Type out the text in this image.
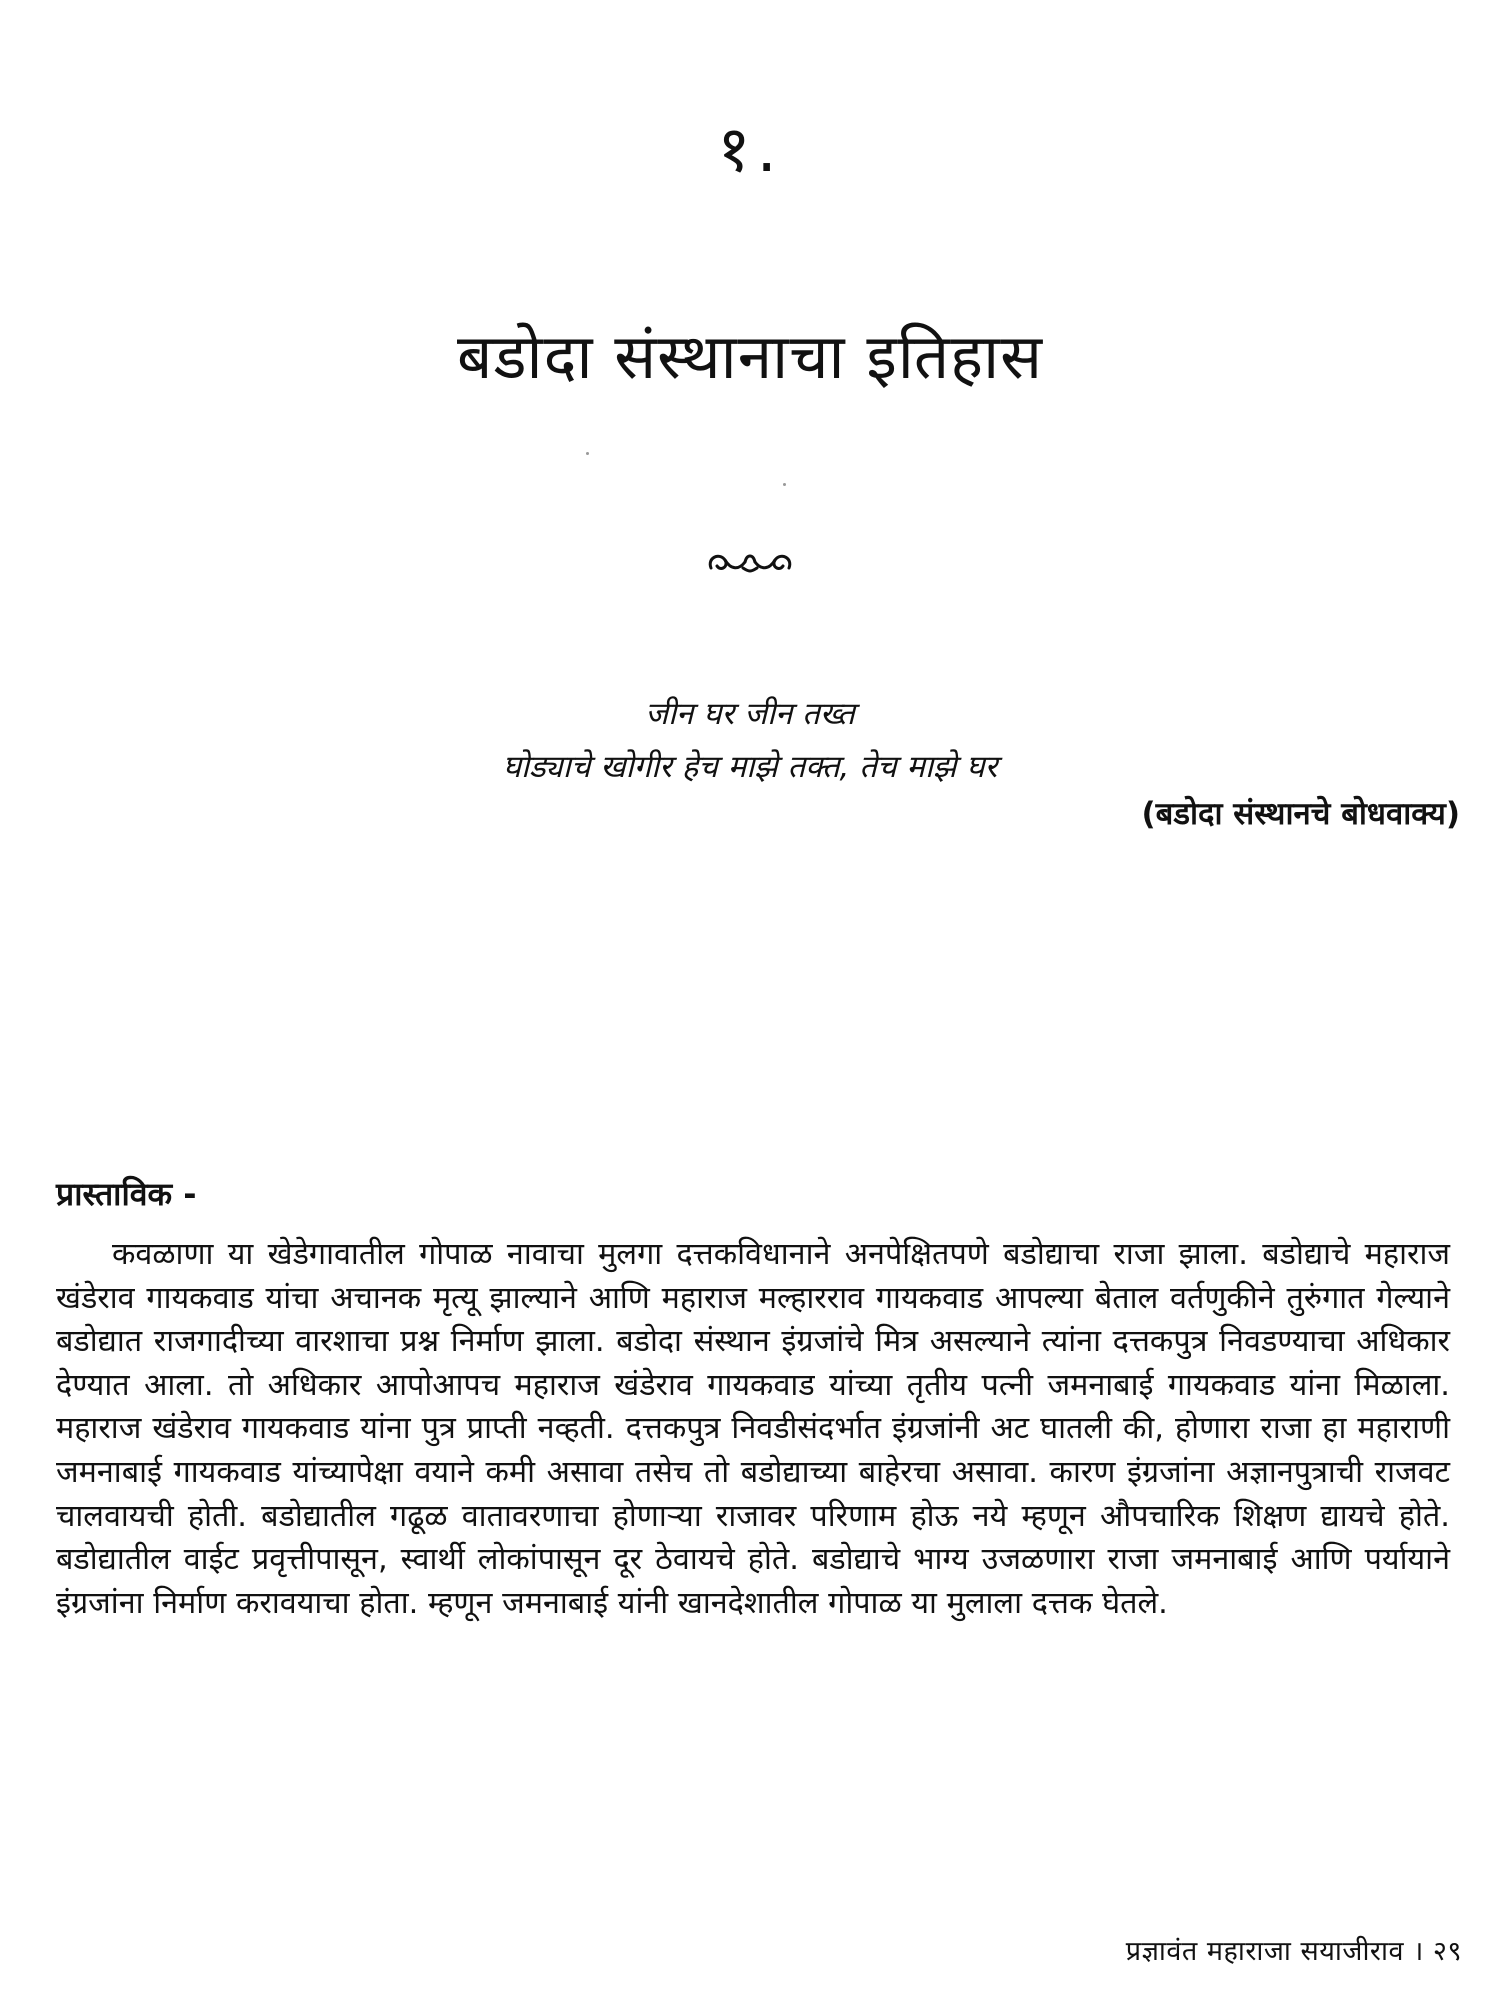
१.
बडोदा संस्थानाचा इतिहास
जीन घर जीन तख्त
घोड्याचे खोगीर हेच माझे तक्त, तेच माझे घर
(बडोदा संस्थानचे बोधवाक्य)
प्रास्ताविक -

कवळाणा या खेडेगावातील गोपाळ नावाचा मुलगा दत्तकविधानाने अनपेक्षितपणे बडोद्याचा राजा झाला. बडोद्याचे महाराज खंडेराव गायकवाड यांचा अचानक मृत्यू झाल्याने आणि महाराज मल्हारराव गायकवाड आपल्या बेताल वर्तणुकीने तुरुंगात गेल्याने बडोद्यात राजगादीच्या वारशाचा प्रश्न निर्माण झाला. बडोदा संस्थान इंग्रजांचे मित्र असल्याने त्यांना दत्तकपुत्र निवडण्याचा अधिकार देण्यात आला. तो अधिकार आपोआपच महाराज खंडेराव गायकवाड यांच्या तृतीय पत्नी जमनाबाई गायकवाड यांना मिळाला. महाराज खंडेराव गायकवाड यांना पुत्र प्राप्ती नव्हती. दत्तकपुत्र निवडीसंदर्भात इंग्रजांनी अट घातली की, होणारा राजा हा महाराणी जमनाबाई गायकवाड यांच्यापेक्षा वयाने कमी असावा तसेच तो बडोद्याच्या बाहेरचा असावा. कारण इंग्रजांना अज्ञानपुत्राची राजवट चालवायची होती. बडोद्यातील गढूळ वातावरणाचा होणाऱ्या राजावर परिणाम होऊ नये म्हणून औपचारिक शिक्षण द्यायचे होते. बडोद्यातील वाईट प्रवृत्तीपासून, स्वार्थी लोकांपासून दूर ठेवायचे होते. बडोद्याचे भाग्य उजळणारा राजा जमनाबाई आणि पर्यायाने इंग्रजांना निर्माण करावयाचा होता. म्हणून जमनाबाई यांनी खानदेशातील गोपाळ या मुलाला दत्तक घेतले.

प्रज्ञावंत महाराजा सयाजीराव । २९
